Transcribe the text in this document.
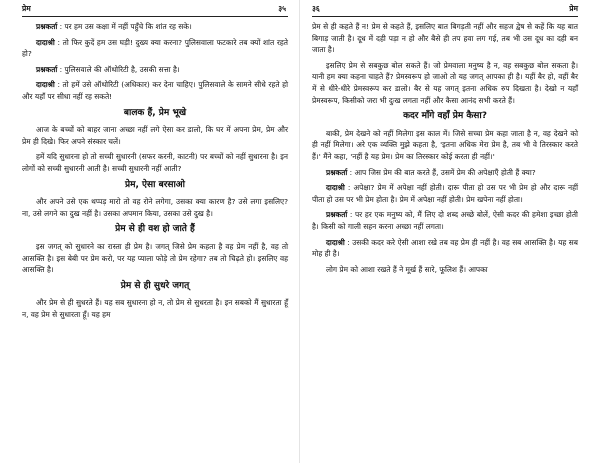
प्रेम	३५

प्रश्नकर्ता : पर हम उस कक्षा में नहीं पहुँचे कि शांत रह सके।

दादाश्री : तो फिर कुदें हम उस घड़ी! दुख्य क्या करना? पुलिसवाला फटकारे तब क्यों शांत रहते हो?

प्रश्नकर्ता : पुलिसवाले की ऑथोरिटी है, उसकी सत्ता है।

दादाश्री : तो हमें उसे ऑथोरिटी (अधिकार) कर देना चाहिए। पुलिसवाले के सामने सीधे रहते हो और यहाँ पर सीधा नहीं रह सकते!

बालक हैं, प्रेम भूखे

आज के बच्चों को बाहर जाना अच्छा नहीं लगे ऐसा कर डालो, कि घर में अपना प्रेम, प्रेम और प्रेम ही दिखे। फिर अपने संस्कार चलें।

हमें यदि सुधारना हो तो सच्ची सुधारनी (सफर करनी, काटनी) पर बच्चों को नहीं सुधारना है। इन लोगों को सच्ची सुधारनी आती है। सच्ची सुधारनी नहीं आती?

प्रेम, ऐसा बरसाओ

और अपने उसे एक थप्पड़ मारो तो वह रोने लगेगा, उसका क्या कारण है? उसे लगा इसलिए? ना, उसे लगने का दुख नहीं है। उसका अपमान किया, उसका उसे दुख है।

प्रेम से ही वश हो जाते हैं

इस जगत् को सुधारने का रास्ता ही प्रेम है। जगत् जिसे प्रेम कहता है वह प्रेम नहीं है, वह तो आसक्ति है। इस बेबी पर प्रेम करो, पर यह प्याला फोड़े तो प्रेम रहेगा? तब तो चिढ़ते हो। इसलिए वह आसक्ति है।

प्रेम से ही सुधरे जगत्

और प्रेम से ही सुधरते हैं। यह सब सुधारना हो न, तो प्रेम से सुधरता है। इन सबको मैं सुधारता हूँ न, वह प्रेम से सुधारता हूँ। यह हम

३६	प्रेम

प्रेम से ही कहते हैं न! प्रेम से कहते हैं, इसलिए बात बिगड़ती नहीं और सहज द्वेष से कहें कि यह बात बिगाड़ जाती है। दूध में दही पड़ा न हो और बैसे ही तप हवा लग गई, तब भी उस दूध का दही बन जाता है।

इसलिए प्रेम से सबकुछ बोल सकते हैं। जो प्रेमवाला मनुष्य है न, वह सबकुछ बोल सकता है। यानी हम क्या कहना चाहते हैं? प्रेमस्वरूप हो जाओ तो यह जगत् आपका ही है। यहीं बैर हो, वहीं बैर में से धीरे-धीरे प्रेमस्वरूप कर डालो। बैर से यह जगत् इतना अधिक रुप दिखता है। देखो न यहाँ प्रेमस्वरूप, किसीको जरा भी दुःख लगता नहीं और कैसा आनंद सभी करते हैं।

कदर माँगे वहाँ प्रेम कैसा?

बाकी, प्रेम देखने को नहीं मिलेगा इस काल में। जिसे सच्चा प्रेम कहा जाता है न, वह देखने को ही नहीं मिलेगा। अरे एक व्यक्ति मुझे कहता है, 'इतना अधिक मेरा प्रेम है, तब भी वे तिरस्कार करते हैं।' मैंने कहा, 'नहीं है यह प्रेम। प्रेम का तिरस्कार कोई करता ही नहीं।'

प्रश्नकर्ता : आप जिस प्रेम की बात करते हैं, उसमें प्रेम की अपेक्षाएँ होती हैं क्या?

दादाश्री : अपेक्षा? प्रेम में अपेक्षा नहीं होती। दारू पीता हो उस पर भी प्रेम हो और दारू नहीं पीता हो उस पर भी प्रेम होता है। प्रेम में अपेक्षा नहीं होती। प्रेम खपेना नहीं होता।

प्रश्नकर्ता : पर हर एक मनुष्य को, मैं लिए दो शब्द अच्छे बोलें, ऐसी कदर की हमेशा इच्छा होती है। किसी को गाली सहन करना अच्छा नहीं लगता।

दादाश्री : उसकी कदर करे ऐसी आशा रखे तब वह प्रेम ही नहीं है। वह सब आसक्ति है। यह सब मोह ही है।

लोग प्रेम को आशा रखते हैं ने मूर्ख हैं सारे, फूलिश हैं। आपका
